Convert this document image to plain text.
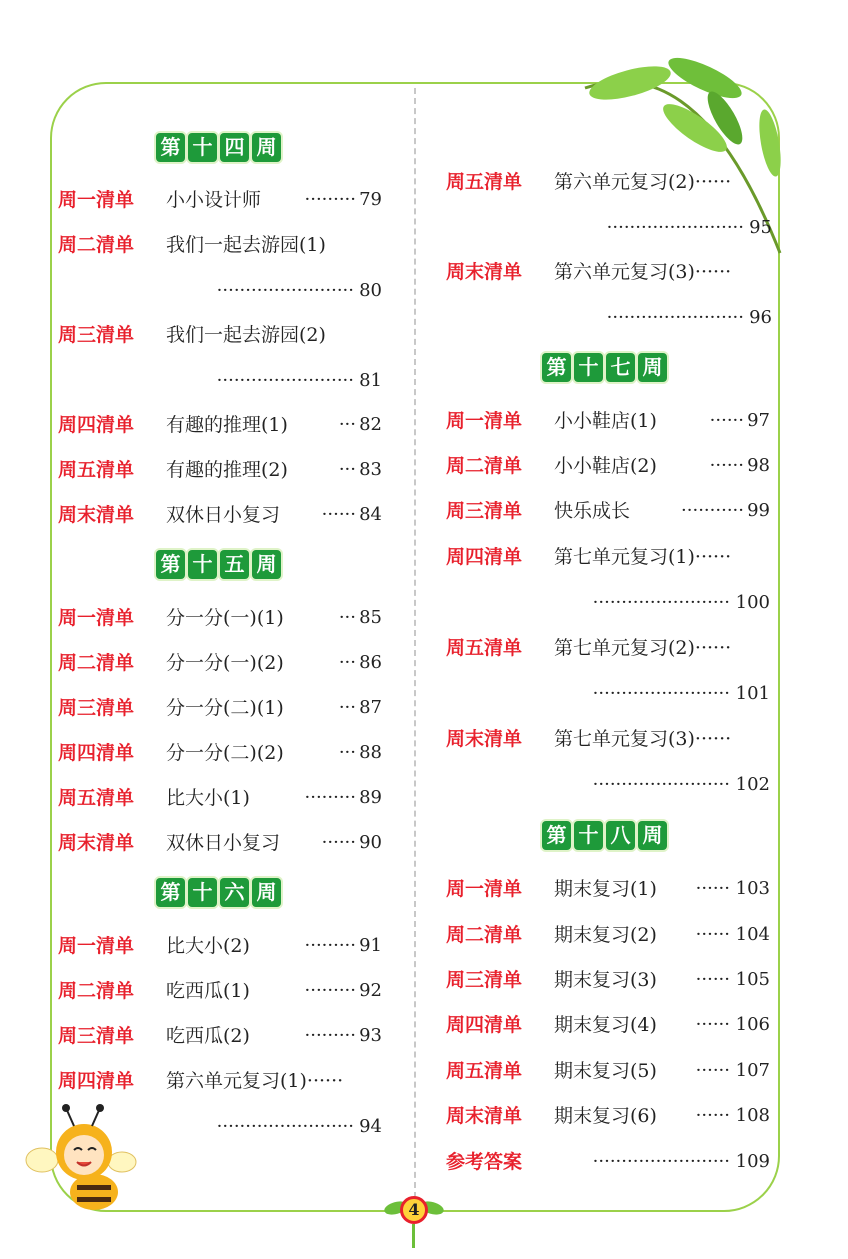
第 十 四 周
周一清单 小小设计师 ········· 79
周二清单 我们一起去游园(1)
························ 80
周三清单 我们一起去游园(2)
························ 81
周四清单 有趣的推理(1)	··· 82
周五清单 有趣的推理(2)	··· 83
周末清单 双休日小复习 ······ 84
第 十 五 周
周一清单 分一分(一)(1)	··· 85
周二清单 分一分(一)(2)	··· 86
周三清单 分一分(二)(1)	··· 87
周四清单 分一分(二)(2)	··· 88
周五清单 比大小(1)	········· 89
周末清单 双休日小复习 ······ 90
第 十 六 周
周一清单 比大小(2)	········· 91
周二清单 吃西瓜(1)	········· 92
周三清单 吃西瓜(2)	········· 93
周四清单 第六单元复习(1)······
························ 94
周五清单 第六单元复习(2)······
························ 95
周末清单 第六单元复习(3)······
························ 96
第 十 七 周
周一清单 小小鞋店(1)	······ 97
周二清单 小小鞋店(2)	······ 98
周三清单 快乐成长	··········· 99
周四清单 第七单元复习(1)······
························ 100
周五清单 第七单元复习(2)······
························ 101
周末清单 第七单元复习(3)······
························ 102
第 十 八 周
周一清单 期末复习(1) ······ 103
周二清单 期末复习(2) ······ 104
周三清单 期末复习(3) ······ 105
周四清单 期末复习(4) ······ 106
周五清单 期末复习(5) ······ 107
周末清单 期末复习(6) ······ 108
参考答案	························ 109
4
